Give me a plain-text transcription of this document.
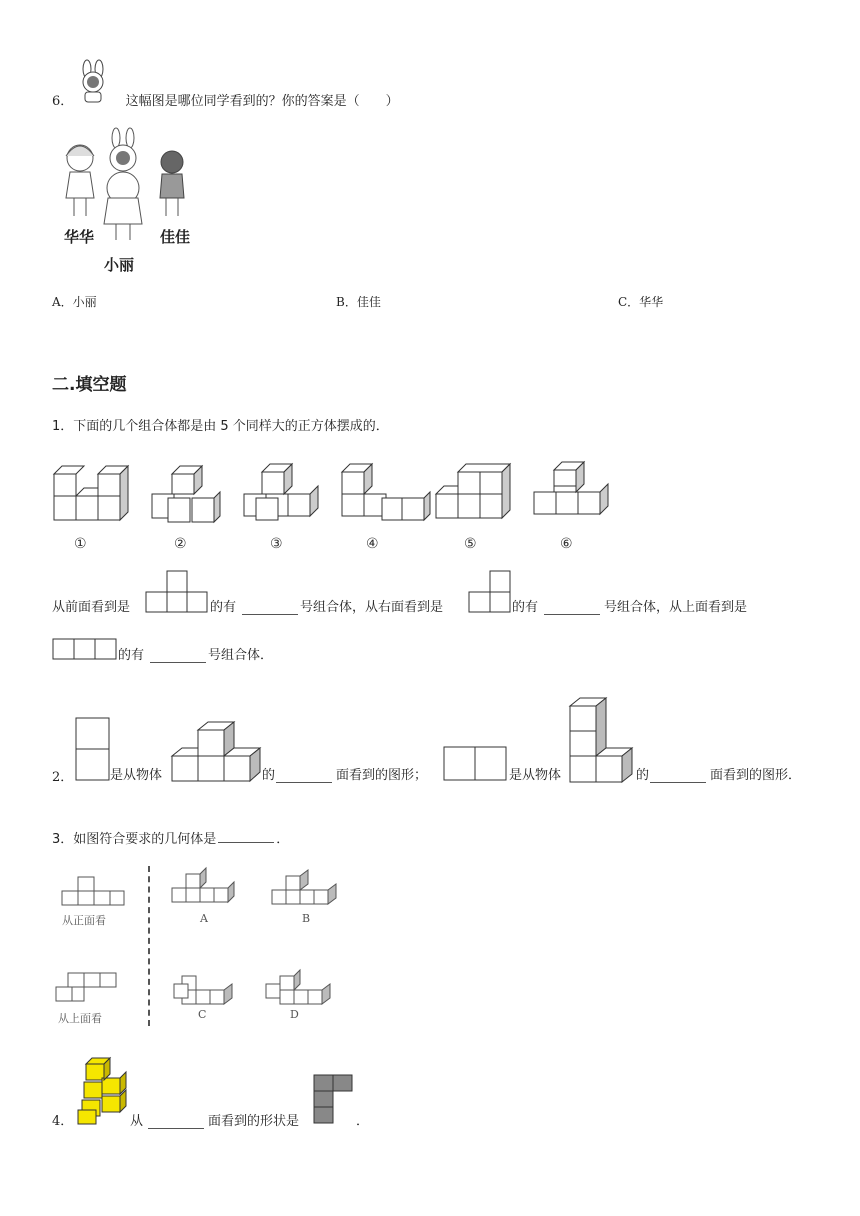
6．	这幅图是哪位同学看到的？你的答案是（　　）
华华
小丽
佳佳
A．小丽	B．佳佳	C．华华
二.填空题
1．下面的几个组合体都是由 5 个同样大的正方体摆成的．
①	②	③	④	⑤	⑥
从前面看到是	的有	号组合体，从右面看到是	的有	号组合体，从上面看到是
的有	号组合体．
2．	是从物体	的	面看到的图形；	是从物体	的	面看到的图形．
3．如图符合要求的几何体是	．
从正面看
从上面看
A	B
C	D
4．	从	面看到的形状是	．
